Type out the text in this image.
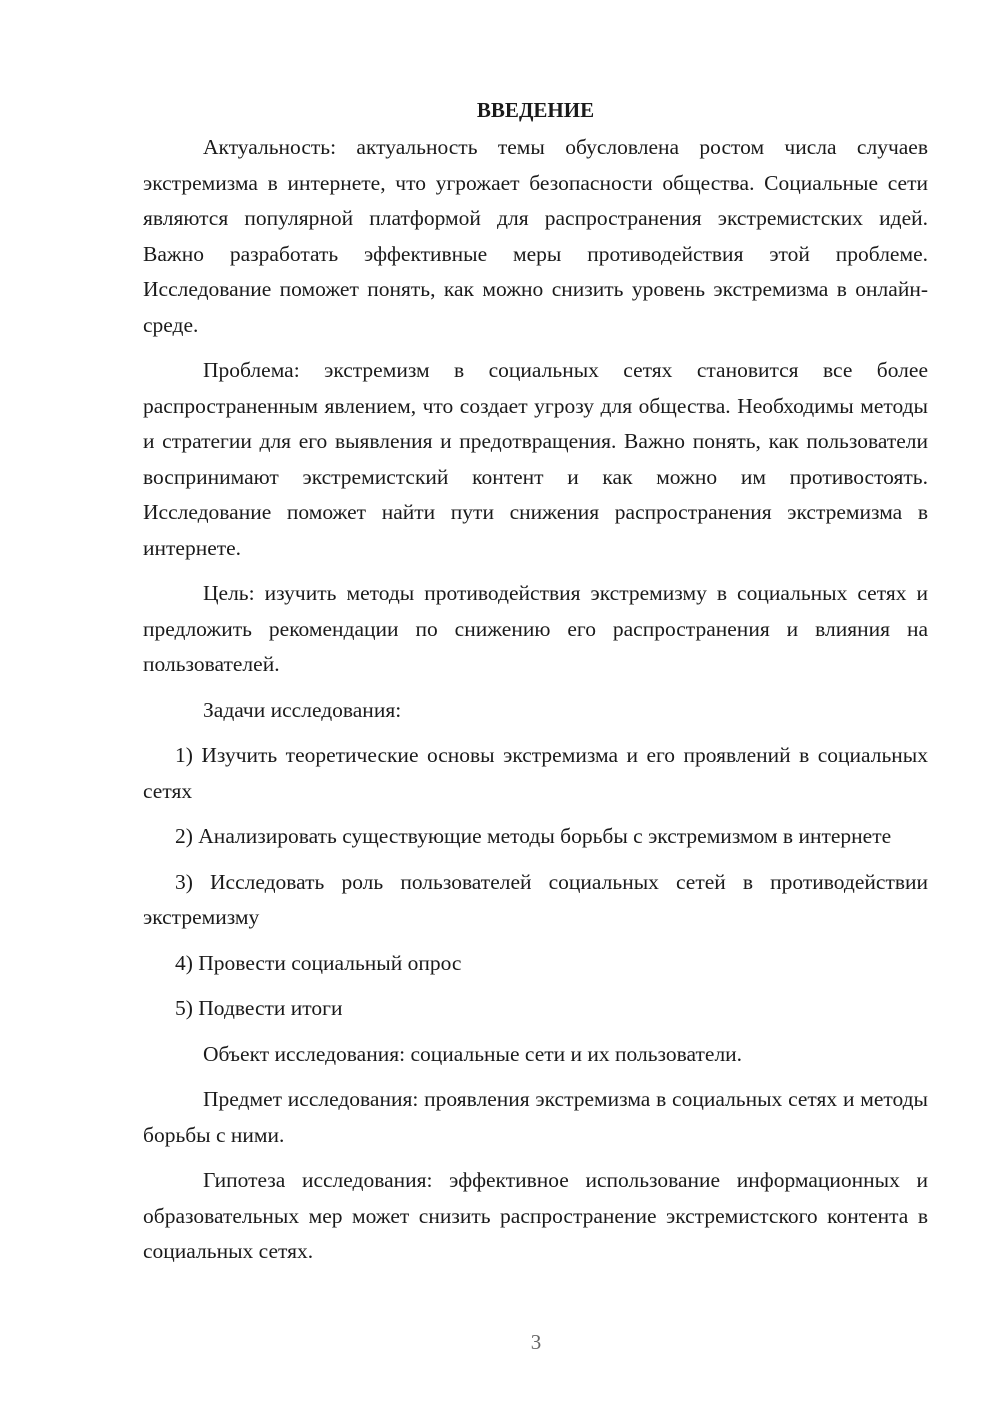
ВВЕДЕНИЕ

Актуальность: актуальность темы обусловлена ростом числа случаев экстремизма в интернете, что угрожает безопасности общества. Социальные сети являются популярной платформой для распространения экстремистских идей. Важно разработать эффективные меры противодействия этой проблеме. Исследование поможет понять, как можно снизить уровень экстремизма в онлайн-среде.

Проблема: экстремизм в социальных сетях становится все более распространенным явлением, что создает угрозу для общества. Необходимы методы и стратегии для его выявления и предотвращения. Важно понять, как пользователи воспринимают экстремистский контент и как можно им противостоять. Исследование поможет найти пути снижения распространения экстремизма в интернете.

Цель: изучить методы противодействия экстремизму в социальных сетях и предложить рекомендации по снижению его распространения и влияния на пользователей.

Задачи исследования:

1) Изучить теоретические основы экстремизма и его проявлений в социальных сетях

2) Анализировать существующие методы борьбы с экстремизмом в интернете

3) Исследовать роль пользователей социальных сетей в противодействии экстремизму

4) Провести социальный опрос

5) Подвести итоги

Объект исследования: социальные сети и их пользователи.

Предмет исследования: проявления экстремизма в социальных сетях и методы борьбы с ними.

Гипотеза исследования: эффективное использование информационных и образовательных мер может снизить распространение экстремистского контента в социальных сетях.

3
